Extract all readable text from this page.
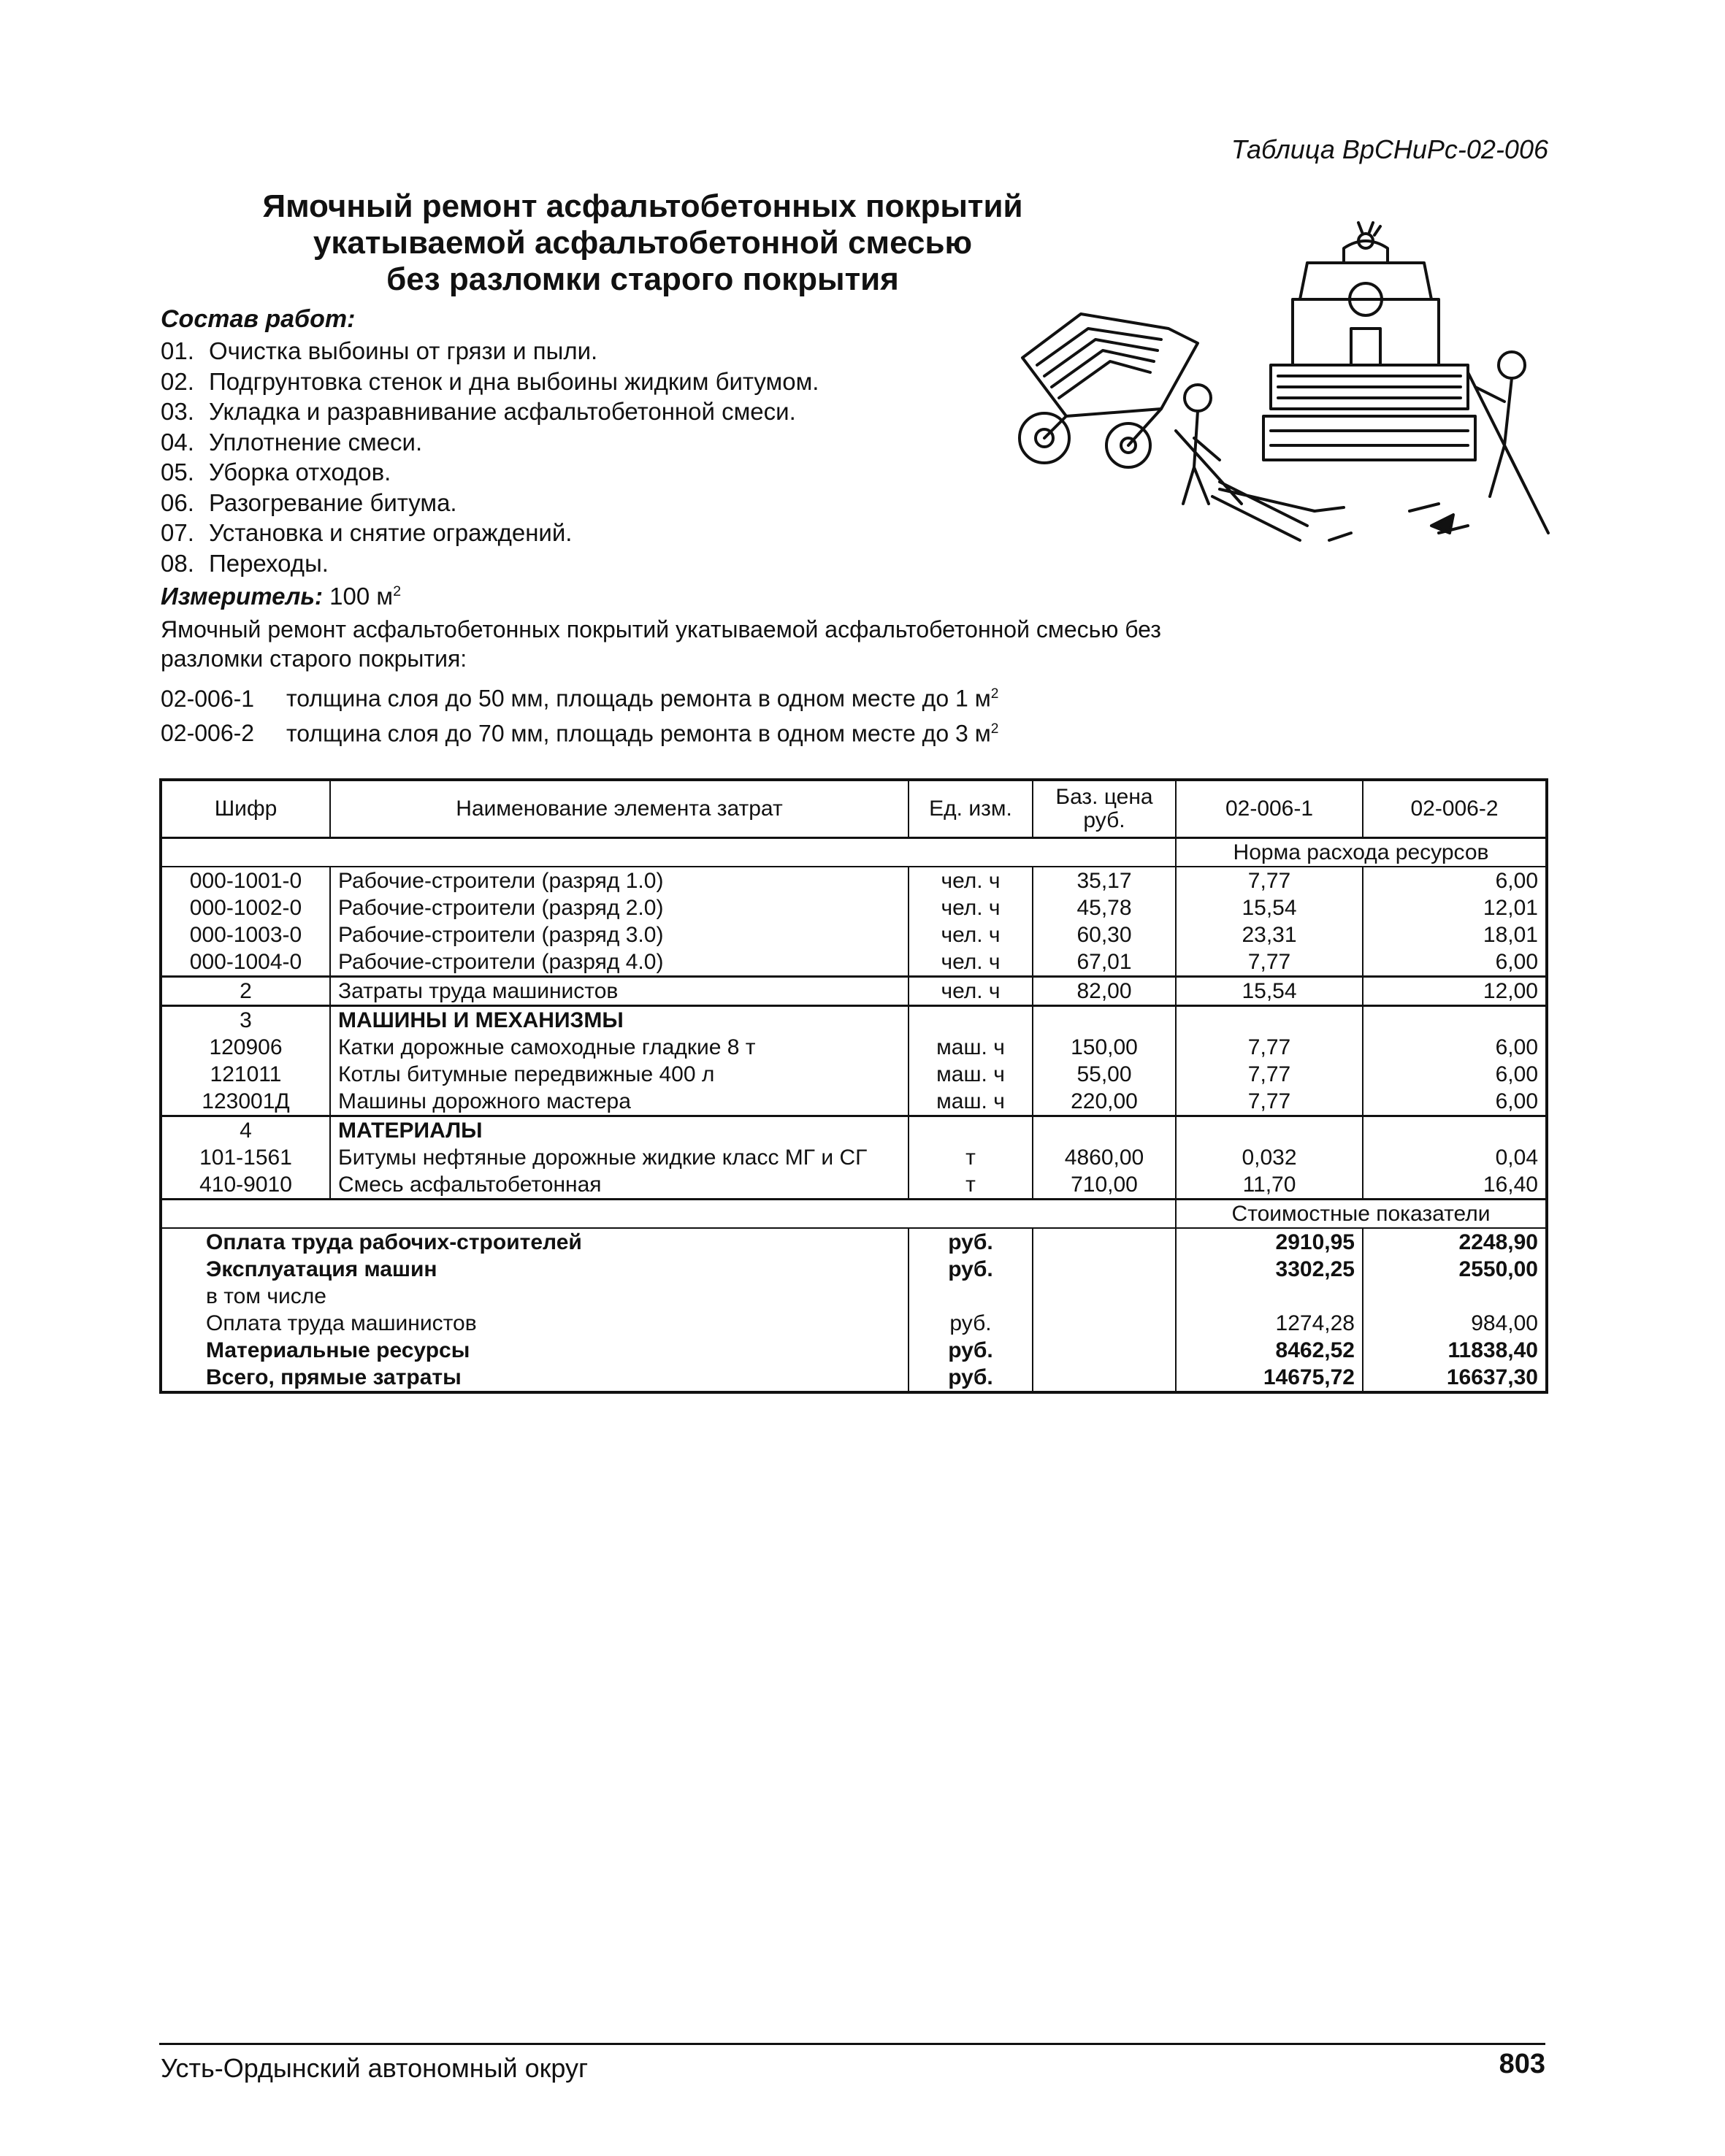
Таблица ВрСНиРс-02-006
Ямочный ремонт асфальтобетонных покрытий
укатываемой асфальтобетонной смесью
без разломки старого покрытия
Состав работ:
01. Очистка выбоины от грязи и пыли.
02. Подгрунтовка стенок и дна выбоины жидким битумом.
03. Укладка и разравнивание асфальтобетонной смеси.
04. Уплотнение смеси.
05. Уборка отходов.
06. Разогревание битума.
07. Установка и снятие ограждений.
08. Переходы.
Измеритель: 100 $м^2$
Ямочный ремонт асфальтобетонных покрытий укатываемой асфальтобетонной смесью без разломки старого покрытия:
02-006-1 толщина слоя до 50 мм, площадь ремонта в одном месте до 1 $м^2$
02-006-2 толщина слоя до 70 мм, площадь ремонта в одном месте до 3 $м^2$
Шифр	Наименование элемента затрат	Ед. изм.	Баз. цена руб.	02-006-1	02-006-2
				Норма расхода ресурсов	
000-1001-0	Рабочие-строители (разряд 1.0)	чел. ч	35,17	7,77	6,00
000-1002-0	Рабочие-строители (разряд 2.0)	чел. ч	45,78	15,54	12,01
000-1003-0	Рабочие-строители (разряд 3.0)	чел. ч	60,30	23,31	18,01
000-1004-0	Рабочие-строители (разряд 4.0)	чел. ч	67,01	7,77	6,00
2	Затраты труда машинистов	чел. ч	82,00	15,54	12,00
3	МАШИНЫ И МЕХАНИЗМЫ				
120906	Катки дорожные самоходные гладкие 8 т	маш. ч	150,00	7,77	6,00
121011	Котлы битумные передвижные 400 л	маш. ч	55,00	7,77	6,00
123001Д	Машины дорожного мастера	маш. ч	220,00	7,77	6,00
4	МАТЕРИАЛЫ				
101-1561	Битумы нефтяные дорожные жидкие класс МГ и СГ	т	4860,00	0,032	0,04
410-9010	Смесь асфальтобетонная	т	710,00	11,70	16,40
				Стоимостные показатели	
Оплата труда рабочих-строителей		руб.		2910,95	2248,90
Эксплуатация машин		руб.		3302,25	2550,00
в том числе					
Оплата труда машинистов		руб.		1274,28	984,00
Материальные ресурсы		руб.		8462,52	11838,40
Всего, прямые затраты		руб.		14675,72	16637,30
Усть-Ордынский автономный округ	803
